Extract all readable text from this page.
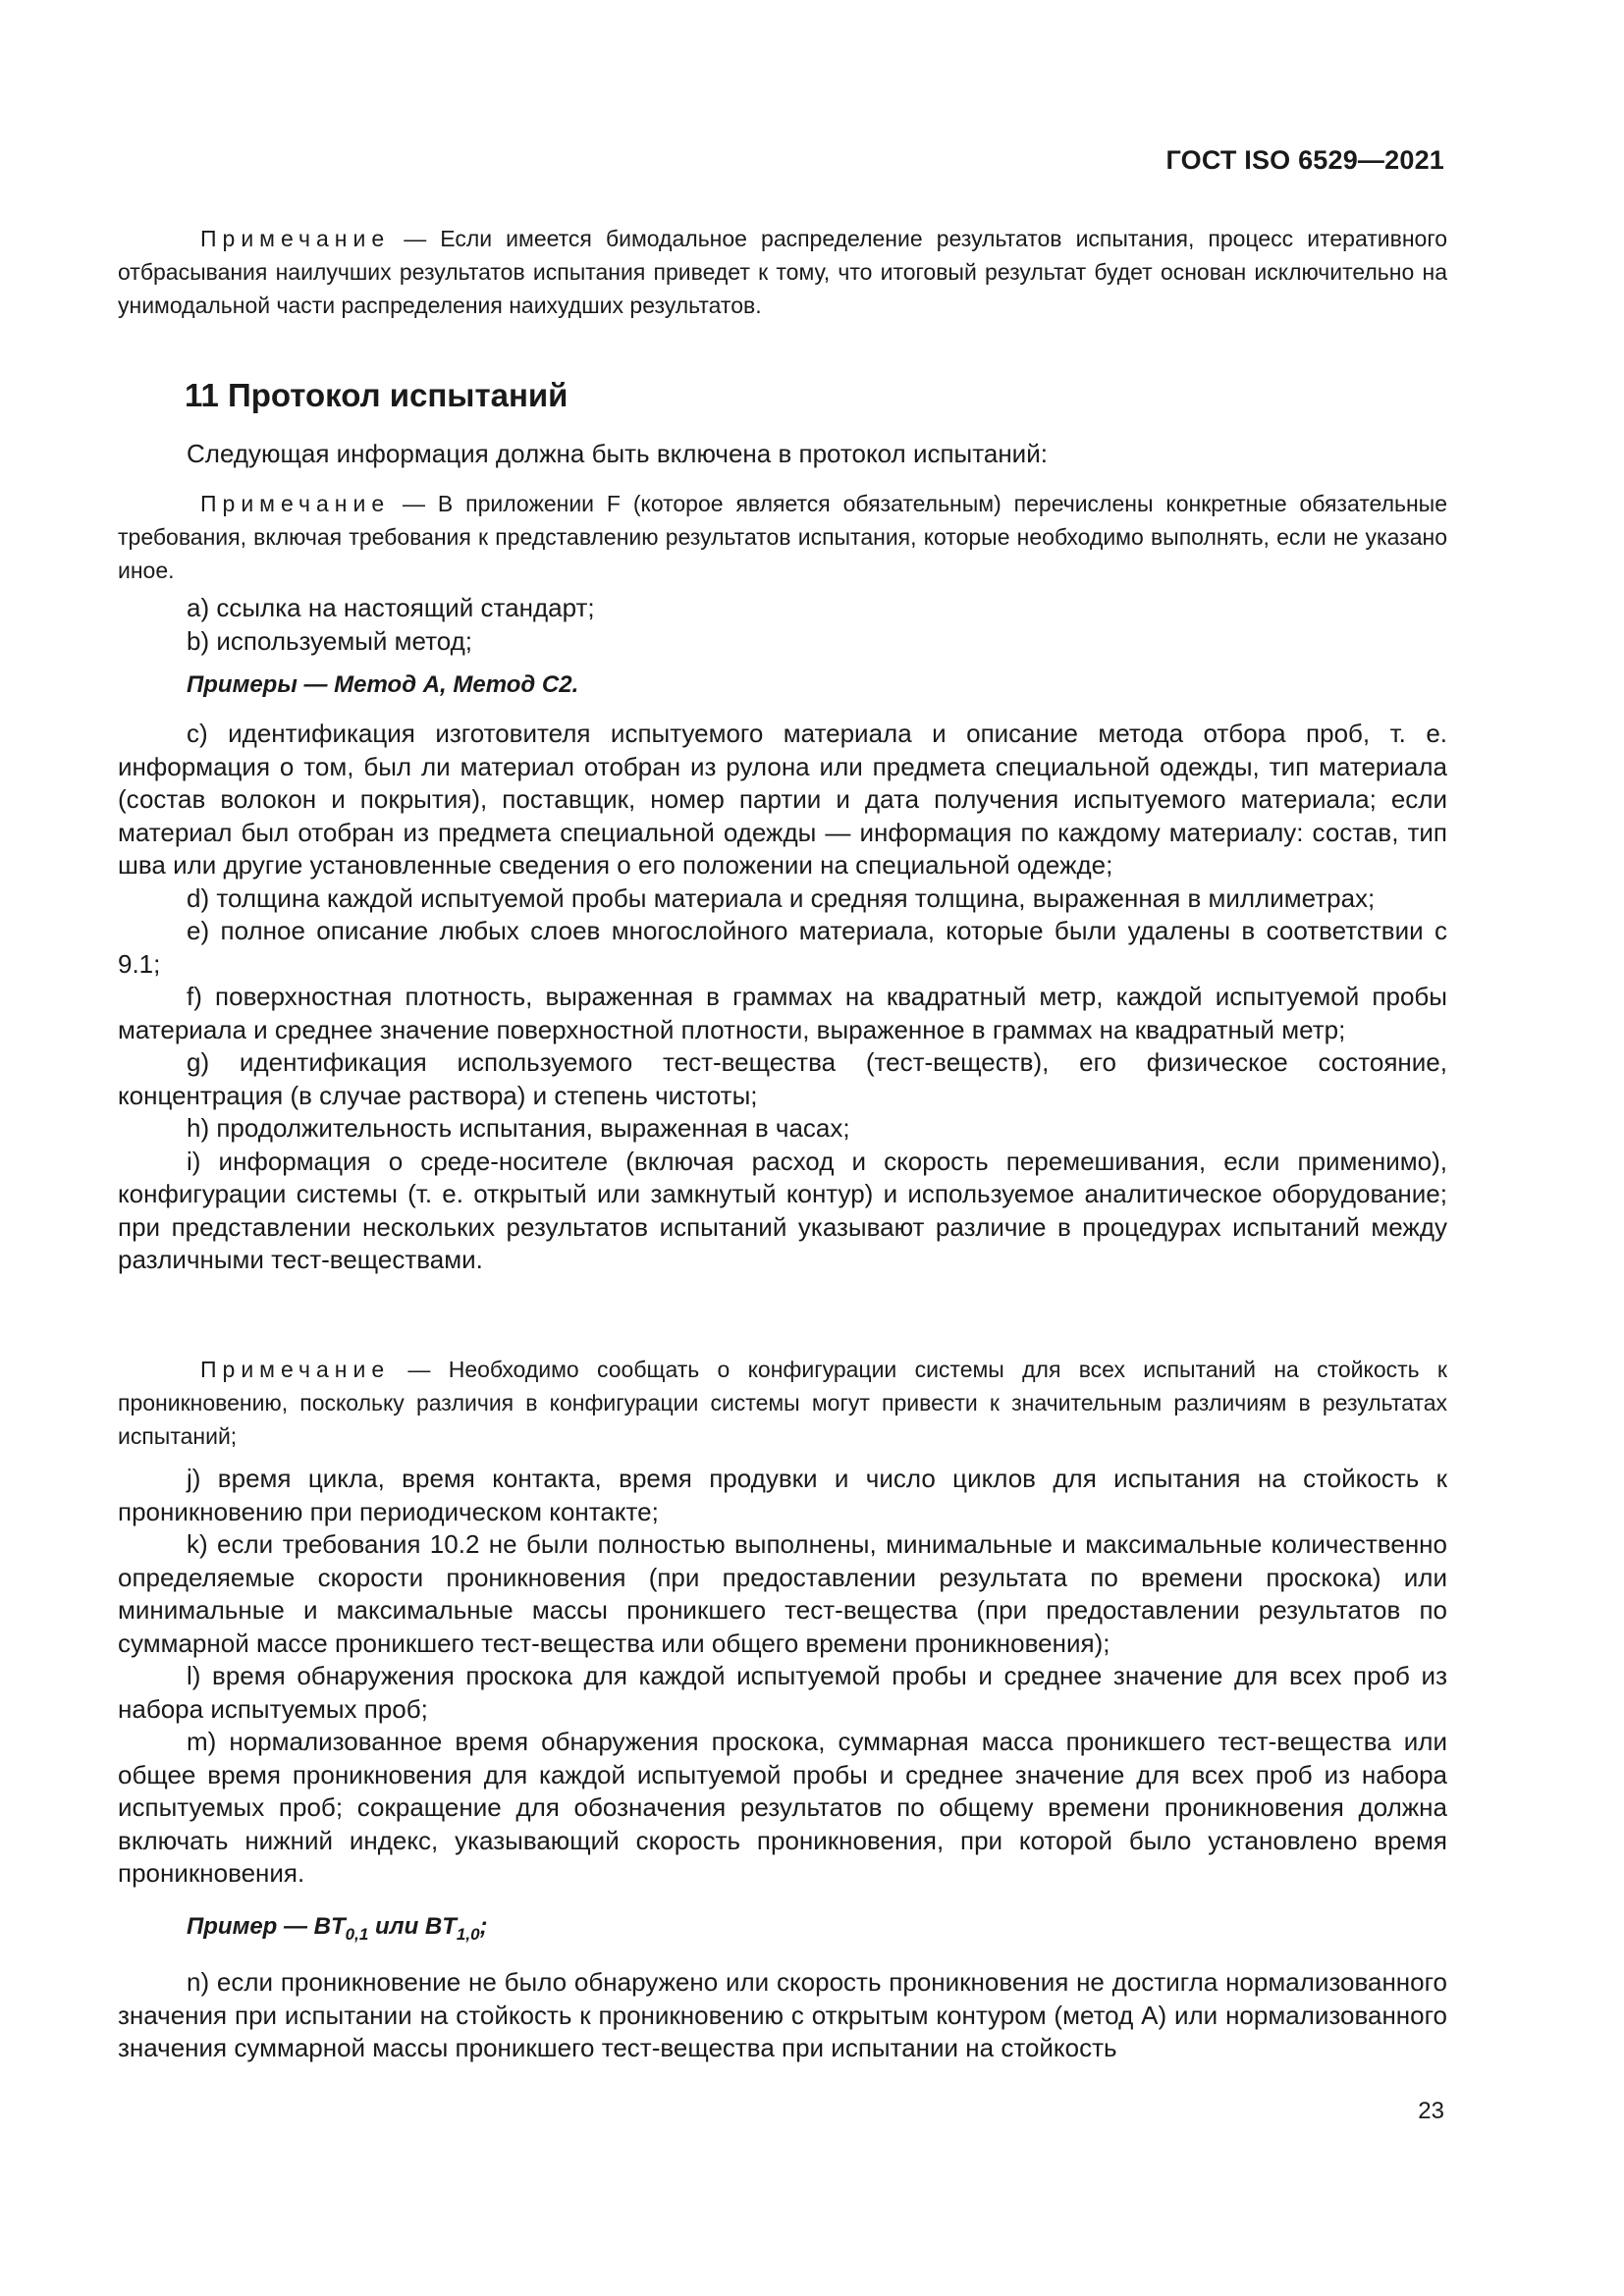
ГОСТ ISO 6529—2021
Примечание — Если имеется бимодальное распределение результатов испытания, процесс итеративного отбрасывания наилучших результатов испытания приведет к тому, что итоговый результат будет основан исключительно на унимодальной части распределения наихудших результатов.
11 Протокол испытаний
Следующая информация должна быть включена в протокол испытаний:
Примечание — В приложении F (которое является обязательным) перечислены конкретные обязательные требования, включая требования к представлению результатов испытания, которые необходимо выполнять, если не указано иное.
a) ссылка на настоящий стандарт;
b) используемый метод;
Примеры — Метод A, Метод C2.
c) идентификация изготовителя испытуемого материала и описание метода отбора проб, т. е. информация о том, был ли материал отобран из рулона или предмета специальной одежды, тип материала (состав волокон и покрытия), поставщик, номер партии и дата получения испытуемого материала; если материал был отобран из предмета специальной одежды — информация по каждому материалу: состав, тип шва или другие установленные сведения о его положении на специальной одежде;
d) толщина каждой испытуемой пробы материала и средняя толщина, выраженная в миллиметрах;
e) полное описание любых слоев многослойного материала, которые были удалены в соответствии с 9.1;
f) поверхностная плотность, выраженная в граммах на квадратный метр, каждой испытуемой пробы материала и среднее значение поверхностной плотности, выраженное в граммах на квадратный метр;
g) идентификация используемого тест-вещества (тест-веществ), его физическое состояние, концентрация (в случае раствора) и степень чистоты;
h) продолжительность испытания, выраженная в часах;
i) информация о среде-носителе (включая расход и скорость перемешивания, если применимо), конфигурации системы (т. е. открытый или замкнутый контур) и используемое аналитическое оборудование; при представлении нескольких результатов испытаний указывают различие в процедурах испытаний между различными тест-веществами.
Примечание — Необходимо сообщать о конфигурации системы для всех испытаний на стойкость к проникновению, поскольку различия в конфигурации системы могут привести к значительным различиям в результатах испытаний;
j) время цикла, время контакта, время продувки и число циклов для испытания на стойкость к проникновению при периодическом контакте;
k) если требования 10.2 не были полностью выполнены, минимальные и максимальные количественно определяемые скорости проникновения (при предоставлении результата по времени проскока) или минимальные и максимальные массы проникшего тест-вещества (при предоставлении результатов по суммарной массе проникшего тест-вещества или общего времени проникновения);
l) время обнаружения проскока для каждой испытуемой пробы и среднее значение для всех проб из набора испытуемых проб;
m) нормализованное время обнаружения проскока, суммарная масса проникшего тест-вещества или общее время проникновения для каждой испытуемой пробы и среднее значение для всех проб из набора испытуемых проб; сокращение для обозначения результатов по общему времени проникновения должна включать нижний индекс, указывающий скорость проникновения, при которой было установлено время проникновения.
Пример — $BT_{0,1}$ или $BT_{1,0}$;
n) если проникновение не было обнаружено или скорость проникновения не достигла нормализованного значения при испытании на стойкость к проникновению с открытым контуром (метод А) или нормализованного значения суммарной массы проникшего тест-вещества при испытании на стойкость
23
